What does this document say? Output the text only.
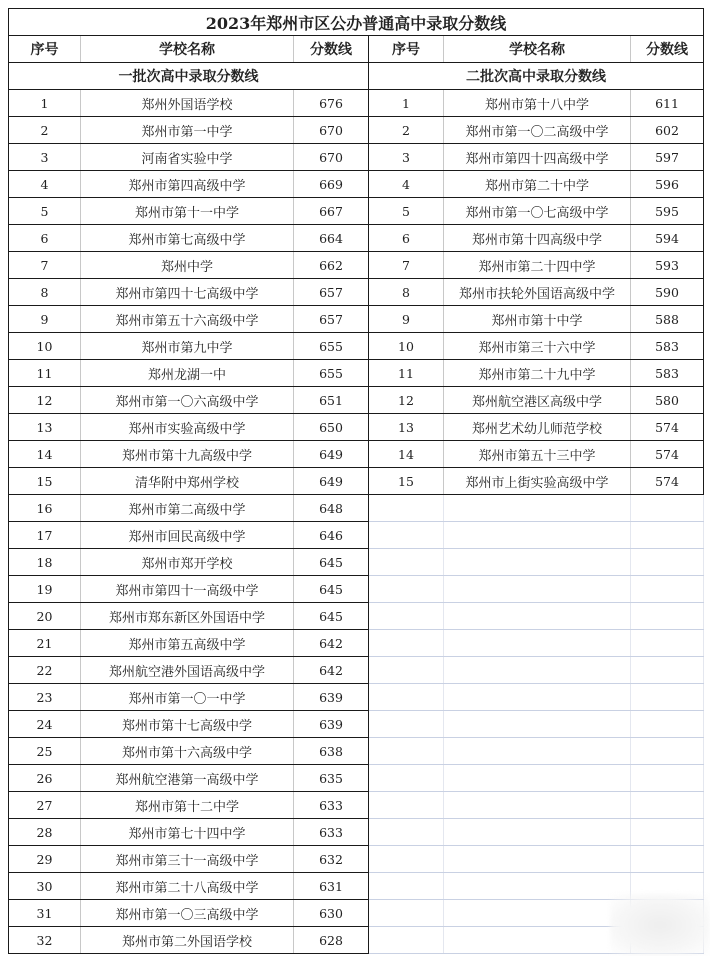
2023年郑州市区公办普通高中录取分数线					
序号	学校名称	分数线	序号	学校名称	分数线
一批次高中录取分数线			二批次高中录取分数线		
1	郑州外国语学校	676	1	郑州市第十八中学	611
2	郑州市第一中学	670	2	郑州市第一〇二高级中学	602
3	河南省实验中学	670	3	郑州市第四十四高级中学	597
4	郑州市第四高级中学	669	4	郑州市第二十中学	596
5	郑州市第十一中学	667	5	郑州市第一〇七高级中学	595
6	郑州市第七高级中学	664	6	郑州市第十四高级中学	594
7	郑州中学	662	7	郑州市第二十四中学	593
8	郑州市第四十七高级中学	657	8	郑州市扶轮外国语高级中学	590
9	郑州市第五十六高级中学	657	9	郑州市第十中学	588
10	郑州市第九中学	655	10	郑州市第三十六中学	583
11	郑州龙湖一中	655	11	郑州市第二十九中学	583
12	郑州市第一〇六高级中学	651	12	郑州航空港区高级中学	580
13	郑州市实验高级中学	650	13	郑州艺术幼儿师范学校	574
14	郑州市第十九高级中学	649	14	郑州市第五十三中学	574
15	清华附中郑州学校	649	15	郑州市上街实验高级中学	574
16	郑州市第二高级中学	648			
17	郑州市回民高级中学	646			
18	郑州市郑开学校	645			
19	郑州市第四十一高级中学	645			
20	郑州市郑东新区外国语中学	645			
21	郑州市第五高级中学	642			
22	郑州航空港外国语高级中学	642			
23	郑州市第一〇一中学	639			
24	郑州市第十七高级中学	639			
25	郑州市第十六高级中学	638			
26	郑州航空港第一高级中学	635			
27	郑州市第十二中学	633			
28	郑州市第七十四中学	633			
29	郑州市第三十一高级中学	632			
30	郑州市第二十八高级中学	631			
31	郑州市第一〇三高级中学	630			
32	郑州市第二外国语学校	628			
